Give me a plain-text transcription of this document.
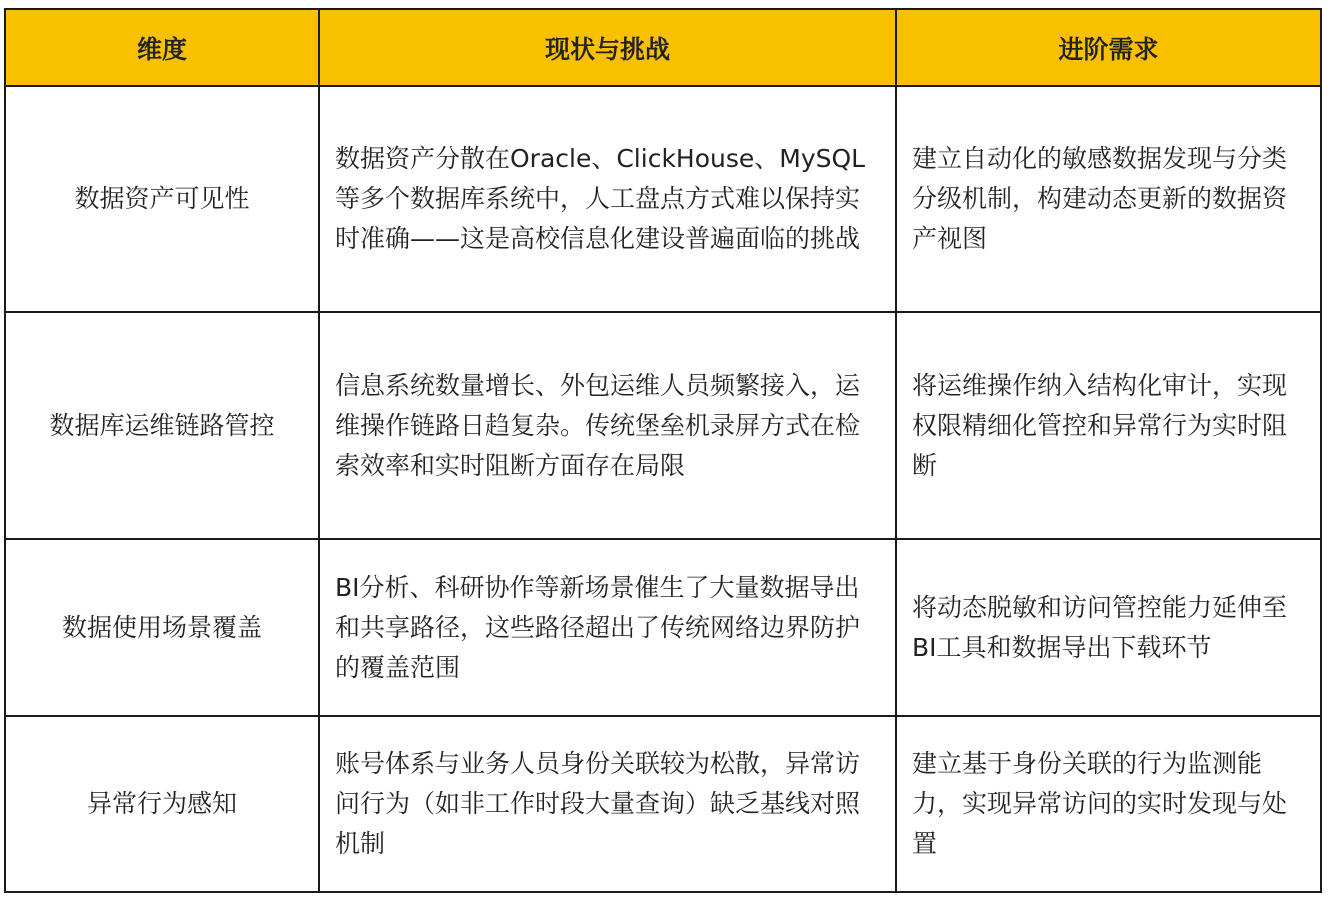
维度	现状与挑战	进阶需求
数据资产可见性	数据资产分散在Oracle、ClickHouse、MySQL等多个数据库系统中，人工盘点方式难以保持实时准确——这是高校信息化建设普遍面临的挑战	建立自动化的敏感数据发现与分类分级机制，构建动态更新的数据资产视图
数据库运维链路管控	信息系统数量增长、外包运维人员频繁接入，运维操作链路日趋复杂。传统堡垒机录屏方式在检索效率和实时阻断方面存在局限	将运维操作纳入结构化审计，实现权限精细化管控和异常行为实时阻断
数据使用场景覆盖	BI分析、科研协作等新场景催生了大量数据导出和共享路径，这些路径超出了传统网络边界防护的覆盖范围	将动态脱敏和访问管控能力延伸至BI工具和数据导出下载环节
异常行为感知	账号体系与业务人员身份关联较为松散，异常访问行为（如非工作时段大量查询）缺乏基线对照机制	建立基于身份关联的行为监测能力，实现异常访问的实时发现与处置
